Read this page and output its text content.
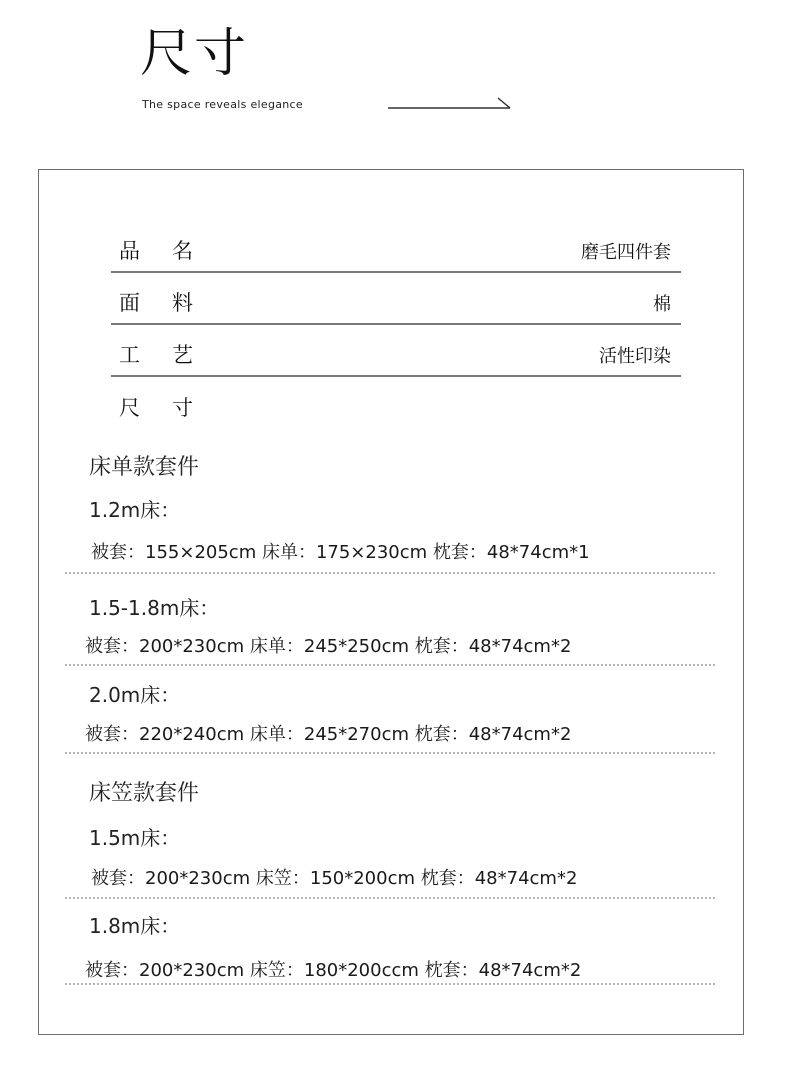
尺寸
The space reveals elegance
品名	磨毛四件套
面料	棉
工艺	活性印染
尺寸
床单款套件
1.2m床：
被套：155×205cm 床单：175×230cm 枕套：48*74cm*1
1.5-1.8m床：
被套：200*230cm 床单：245*250cm 枕套：48*74cm*2
2.0m床：
被套：220*240cm 床单：245*270cm 枕套：48*74cm*2
床笠款套件
1.5m床：
被套：200*230cm 床笠：150*200cm 枕套：48*74cm*2
1.8m床：
被套：200*230cm 床笠：180*200ccm 枕套：48*74cm*2
